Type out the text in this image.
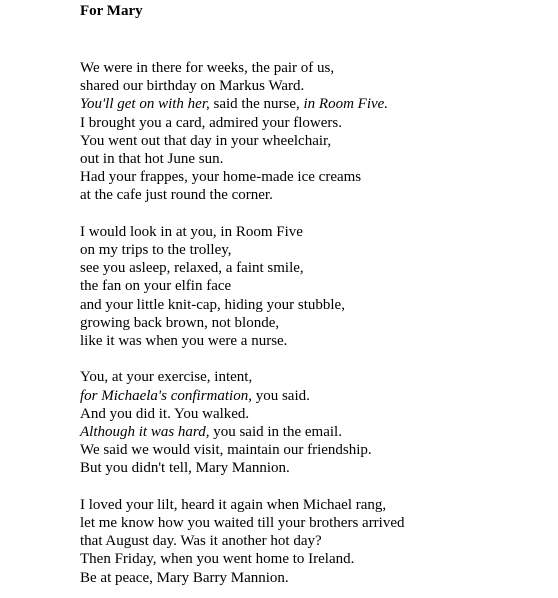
For Mary
We were in there for weeks, the pair of us,
shared our birthday on Markus Ward.
You'll get on with her, said the nurse, in Room Five.
I brought you a card, admired your flowers.
You went out that day in your wheelchair,
out in that hot June sun.
Had your frappes, your home-made ice creams
at the cafe just round the corner.
I would look in at you, in Room Five
on my trips to the trolley,
see you asleep, relaxed, a faint smile,
the fan on your elfin face
and your little knit-cap, hiding your stubble,
growing back brown, not blonde,
like it was when you were a nurse.
You, at your exercise, intent,
for Michaela's confirmation, you said.
And you did it. You walked.
Although it was hard, you said in the email.
We said we would visit, maintain our friendship.
But you didn't tell, Mary Mannion.
I loved your lilt, heard it again when Michael rang,
let me know how you waited till your brothers arrived
that August day. Was it another hot day?
Then Friday, when you went home to Ireland.
Be at peace, Mary Barry Mannion.
